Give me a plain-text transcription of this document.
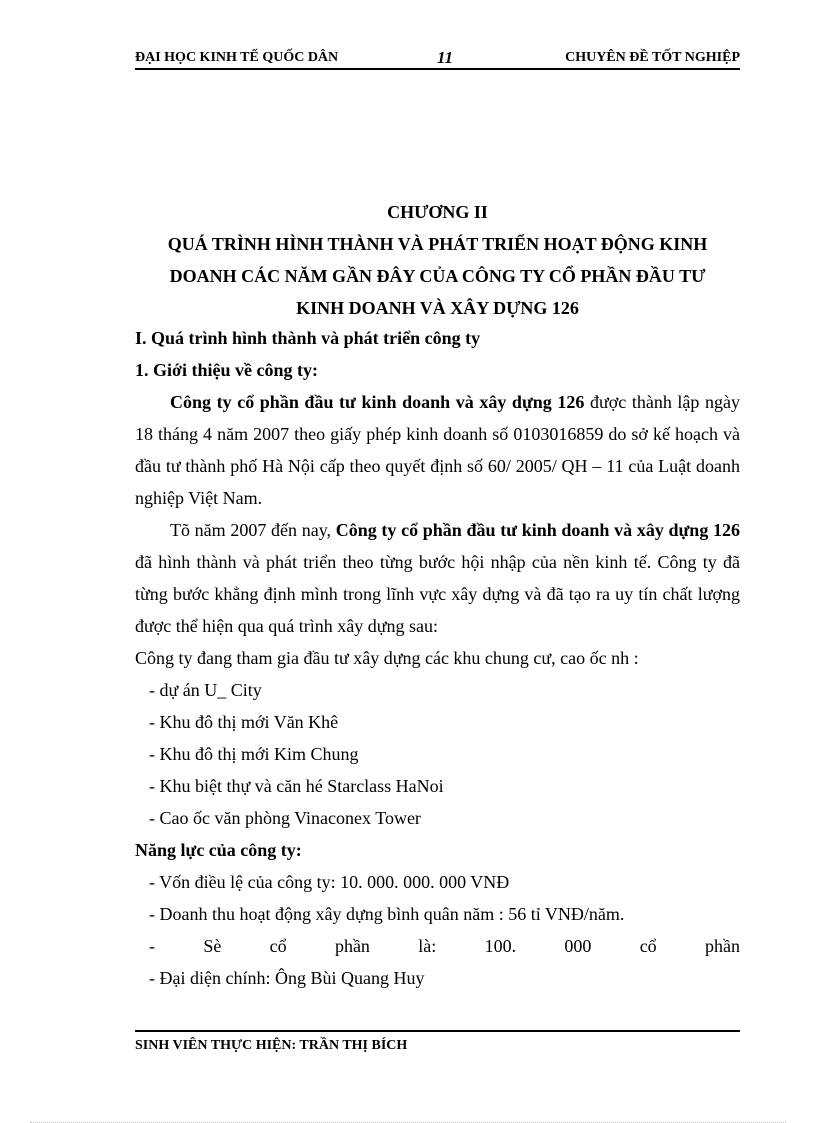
ĐẠI HỌC KINH TẾ QUỐC DÂN	11	CHUYÊN ĐỀ TỐT NGHIỆP
CHƯƠNG II
QUÁ TRÌNH HÌNH THÀNH VÀ PHÁT TRIỂN HOẠT ĐỘNG KINH
DOANH CÁC NĂM GẦN ĐÂY CỦA CÔNG TY CỔ PHẦN ĐẦU TƯ
KINH DOANH VÀ XÂY DỰNG 126

I. Quá trình hình thành và phát triển công ty

1. Giới thiệu về công ty:

Công ty cổ phần đầu tư kinh doanh và xây dựng 126 được thành lập ngày 18 tháng 4 năm 2007 theo giấy phép kinh doanh số 0103016859 do sở kế hoạch và đầu tư thành phố Hà Nội cấp theo quyết định số 60/ 2005/ QH – 11 của Luật doanh nghiệp Việt Nam.

Tõ năm 2007 đến nay, Công ty cổ phần đầu tư kinh doanh và xây dựng 126 đã hình thành và phát triển theo từng bước hội nhập của nền kinh tế. Công ty đã từng bước khẳng định mình trong lĩnh vực xây dựng và đã tạo ra uy tín chất lượng được thể hiện qua quá trình xây dựng sau:

Công ty đang tham gia đầu tư xây dựng các khu chung cư, cao ốc nh :

- dự án U_ City

- Khu đô thị mới Văn Khê

- Khu đô thị mới Kim Chung

- Khu biệt thự và căn hé Starclass HaNoi

- Cao ốc văn phòng Vinaconex Tower

Năng lực của công ty:

- Vốn điều lệ của công ty: 10. 000. 000. 000 VNĐ

- Doanh thu hoạt động xây dựng bình quân năm : 56 tỉ VNĐ/năm.

-	Sè	cổ	phần	là:	100.	000	cổ	phần

- Đại diện chính: Ông Bùi Quang Huy

SINH VIÊN THỰC HIỆN: TRẦN THỊ BÍCH
